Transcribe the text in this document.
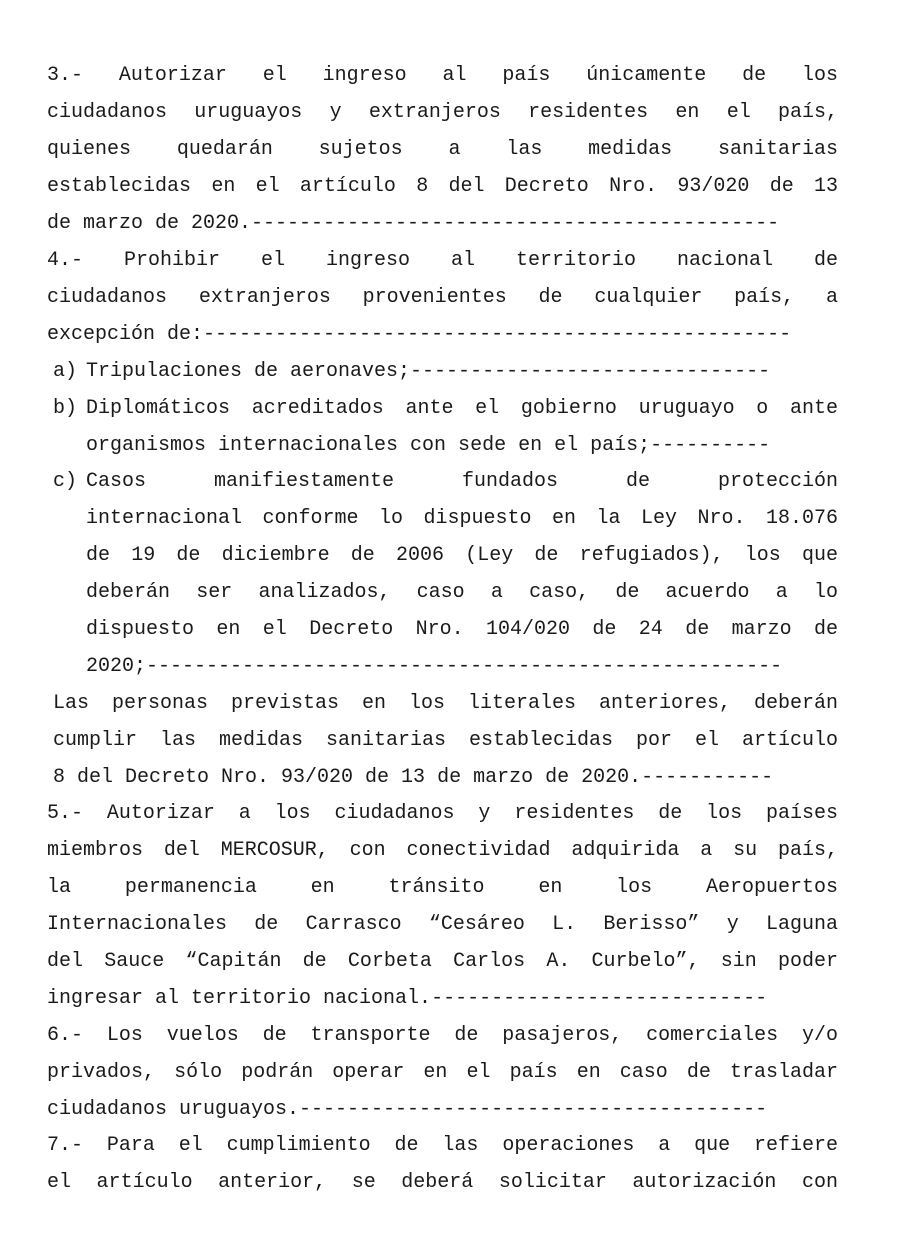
3.- Autorizar el ingreso al país únicamente de los
ciudadanos uruguayos y extranjeros residentes en el país,
quienes quedarán sujetos a las medidas sanitarias
establecidas en el artículo 8 del Decreto Nro. 93/020 de 13
de marzo de 2020.--------------------------------------------
4.- Prohibir el ingreso al territorio nacional de
ciudadanos extranjeros provenientes de cualquier país, a
excepción de:-------------------------------------------------
a) Tripulaciones de aeronaves;------------------------------
b) Diplomáticos acreditados ante el gobierno uruguayo o ante
organismos internacionales con sede en el país;----------
c) Casos manifiestamente fundados de protección
internacional conforme lo dispuesto en la Ley Nro. 18.076
de 19 de diciembre de 2006 (Ley de refugiados), los que
deberán ser analizados, caso a caso, de acuerdo a lo
dispuesto en el Decreto Nro. 104/020 de 24 de marzo de
2020;-----------------------------------------------------
Las personas previstas en los literales anteriores, deberán
cumplir las medidas sanitarias establecidas por el artículo
8 del Decreto Nro. 93/020 de 13 de marzo de 2020.-----------
5.- Autorizar a los ciudadanos y residentes de los países
miembros del MERCOSUR, con conectividad adquirida a su país,
la permanencia en tránsito en los Aeropuertos
Internacionales de Carrasco “Cesáreo L. Berisso” y Laguna
del Sauce “Capitán de Corbeta Carlos A. Curbelo”, sin poder
ingresar al territorio nacional.----------------------------
6.- Los vuelos de transporte de pasajeros, comerciales y/o
privados, sólo podrán operar en el país en caso de trasladar
ciudadanos uruguayos.---------------------------------------
7.- Para el cumplimiento de las operaciones a que refiere
el artículo anterior, se deberá solicitar autorización con
